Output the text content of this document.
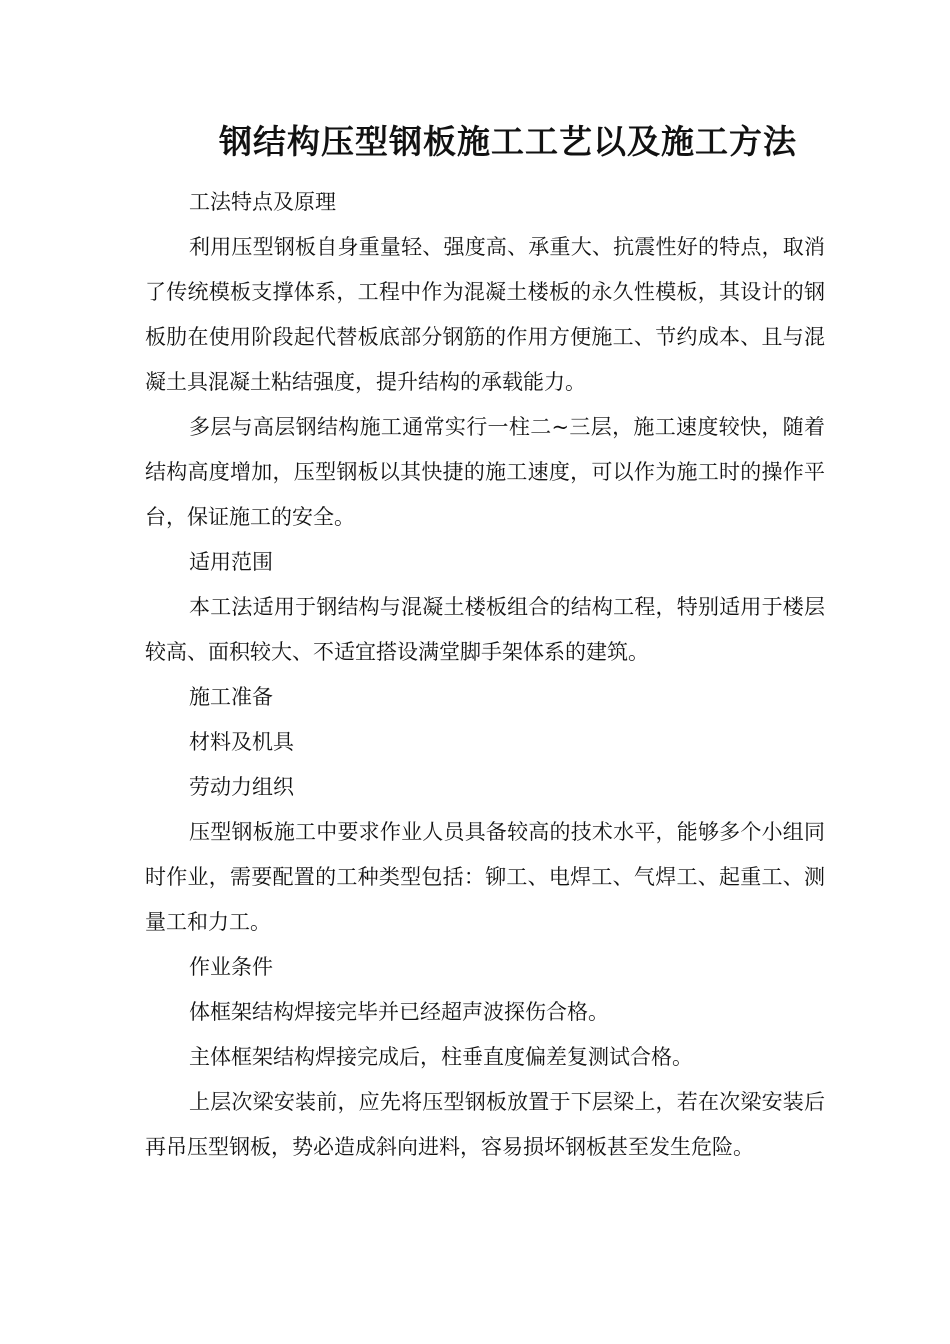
钢结构压型钢板施工工艺以及施工方法

工法特点及原理

利用压型钢板自身重量轻、强度高、承重大、抗震性好的特点，取消了传统模板支撑体系，工程中作为混凝土楼板的永久性模板，其设计的钢板肋在使用阶段起代替板底部分钢筋的作用方便施工、节约成本、且与混凝土具混凝土粘结强度，提升结构的承载能力。

多层与高层钢结构施工通常实行一柱二~三层，施工速度较快，随着结构高度增加，压型钢板以其快捷的施工速度，可以作为施工时的操作平台，保证施工的安全。

适用范围

本工法适用于钢结构与混凝土楼板组合的结构工程，特别适用于楼层较高、面积较大、不适宜搭设满堂脚手架体系的建筑。

施工准备

材料及机具

劳动力组织

压型钢板施工中要求作业人员具备较高的技术水平，能够多个小组同时作业，需要配置的工种类型包括：铆工、电焊工、气焊工、起重工、测量工和力工。

作业条件

体框架结构焊接完毕并已经超声波探伤合格。

主体框架结构焊接完成后，柱垂直度偏差复测试合格。

上层次梁安装前，应先将压型钢板放置于下层梁上，若在次梁安装后再吊压型钢板，势必造成斜向进料，容易损坏钢板甚至发生危险。
